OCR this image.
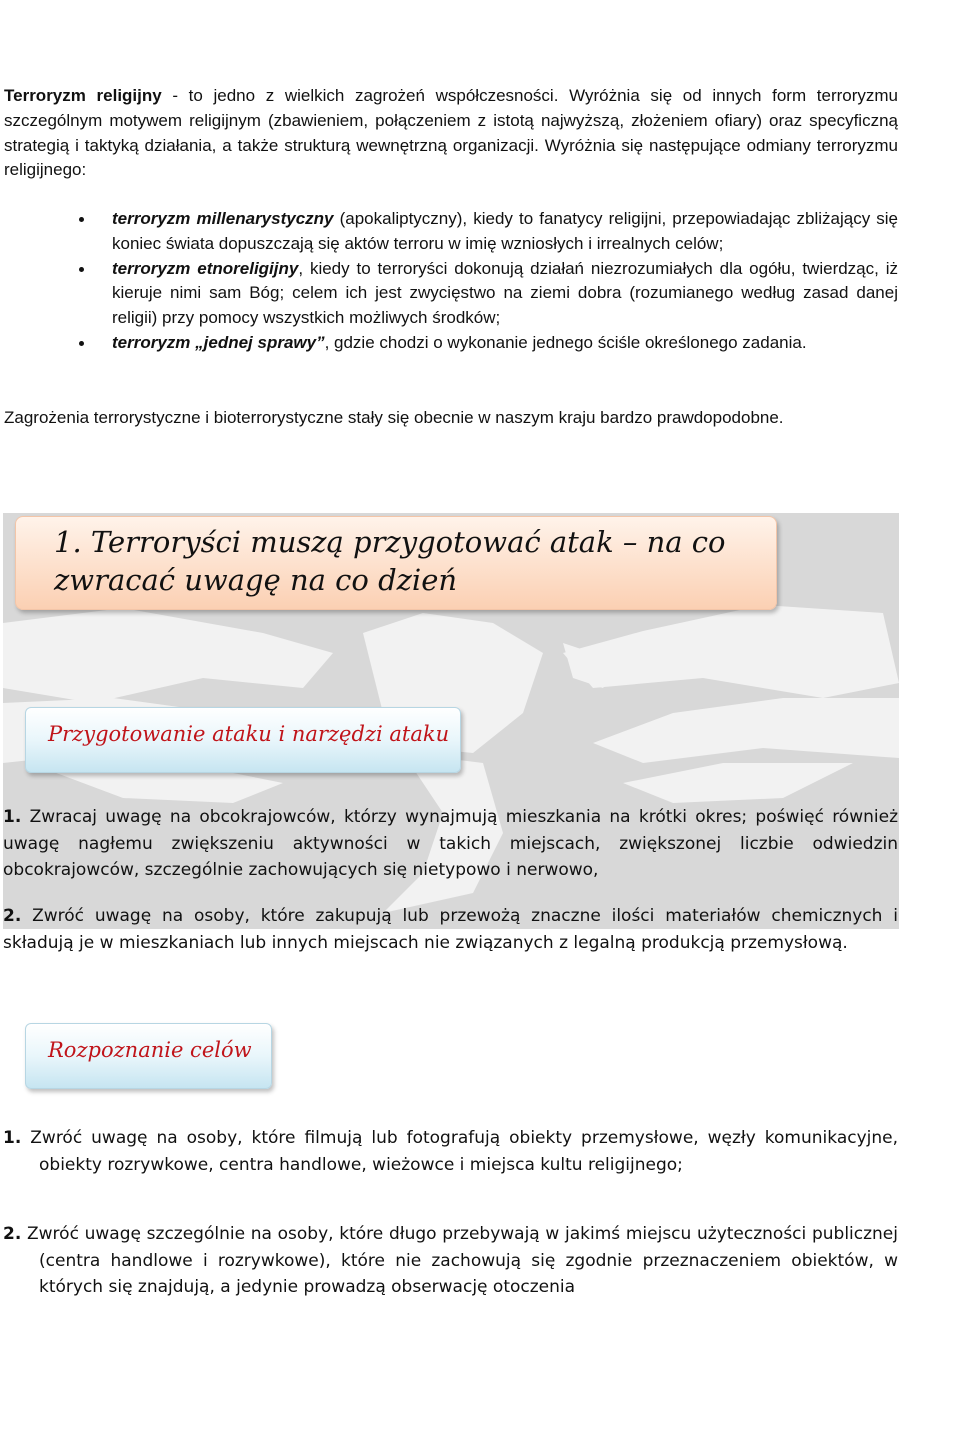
Terroryzm religijny - to jedno z wielkich zagrożeń współczesności. Wyróżnia się od innych form terroryzmu szczególnym motywem religijnym (zbawieniem, połączeniem z istotą najwyższą, złożeniem ofiary) oraz specyficzną strategią i taktyką działania, a także strukturą wewnętrzną organizacji. Wyróżnia się następujące odmiany terroryzmu religijnego:

terroryzm millenarystyczny (apokaliptyczny), kiedy to fanatycy religijni, przepowiadając zbliżający się koniec świata dopuszczają się aktów terroru w imię wzniosłych i irrealnych celów;
terroryzm etnoreligijny, kiedy to terroryści dokonują działań niezrozumiałych dla ogółu, twierdząc, iż kieruje nimi sam Bóg; celem ich jest zwycięstwo na ziemi dobra (rozumianego według zasad danej religii) przy pomocy wszystkich możliwych środków;
terroryzm „jednej sprawy”, gdzie chodzi o wykonanie jednego ściśle określonego zadania.

Zagrożenia terrorystyczne i bioterrorystyczne stały się obecnie w naszym kraju bardzo prawdopodobne.

1. Terroryści muszą przygotować atak – na co zwracać uwagę na co dzień

Przygotowanie ataku i narzędzi ataku

1. Zwracaj uwagę na obcokrajowców, którzy wynajmują mieszkania na krótki okres; poświęć również uwagę nagłemu zwiększeniu aktywności w takich miejscach, zwiększonej liczbie odwiedzin obcokrajowców, szczególnie zachowujących się nietypowo i nerwowo,

2. Zwróć uwagę na osoby, które zakupują lub przewożą znaczne ilości materiałów chemicznych i składują je w mieszkaniach lub innych miejscach nie związanych z legalną produkcją przemysłową.

Rozpoznanie celów

1. Zwróć uwagę na osoby, które filmują lub fotografują obiekty przemysłowe, węzły komunikacyjne, obiekty rozrywkowe, centra handlowe, wieżowce i miejsca kultu religijnego;

2. Zwróć uwagę szczególnie na osoby, które długo przebywają w jakimś miejscu użyteczności publicznej (centra handlowe i rozrywkowe), które nie zachowują się zgodnie przeznaczeniem obiektów, w których się znajdują, a jedynie prowadzą obserwację otoczenia
